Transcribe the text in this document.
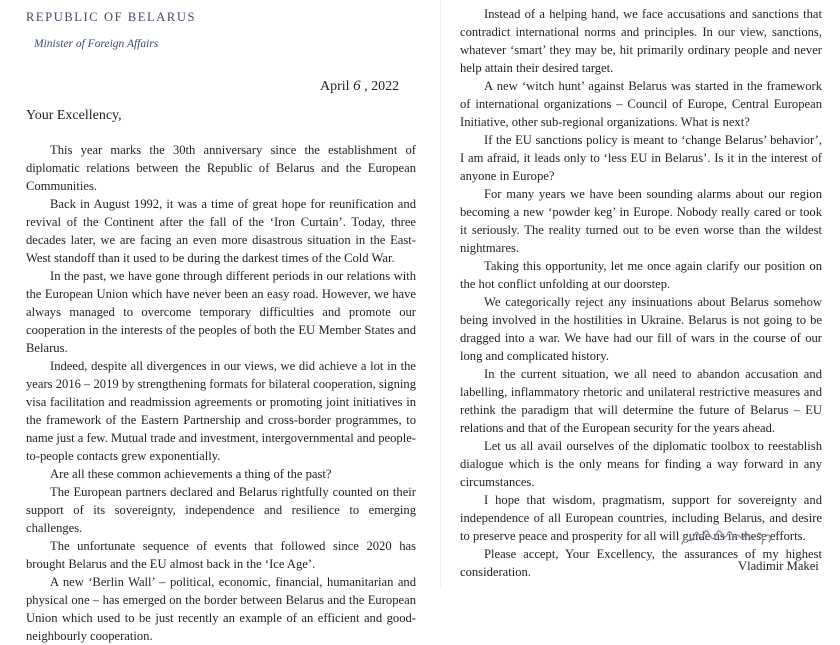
REPUBLIC OF BELARUS
Minister of Foreign Affairs
April 6 , 2022
Your Excellency,

This year marks the 30th anniversary since the establishment of diplomatic relations between the Republic of Belarus and the European Communities.

Back in August 1992, it was a time of great hope for reunification and revival of the Continent after the fall of the ‘Iron Curtain’. Today, three decades later, we are facing an even more disastrous situation in the East-West standoff than it used to be during the darkest times of the Cold War.

In the past, we have gone through different periods in our relations with the European Union which have never been an easy road. However, we have always managed to overcome temporary difficulties and promote our cooperation in the interests of the peoples of both the EU Member States and Belarus.

Indeed, despite all divergences in our views, we did achieve a lot in the years 2016 – 2019 by strengthening formats for bilateral cooperation, signing visa facilitation and readmission agreements or promoting joint initiatives in the framework of the Eastern Partnership and cross-border programmes, to name just a few. Mutual trade and investment, intergovernmental and people-to-people contacts grew exponentially.

Are all these common achievements a thing of the past?

The European partners declared and Belarus rightfully counted on their support of its sovereignty, independence and resilience to emerging challenges.

The unfortunate sequence of events that followed since 2020 has brought Belarus and the EU almost back in the ‘Ice Age’.

A new ‘Berlin Wall’ – political, economic, financial, humanitarian and physical one – has emerged on the border between Belarus and the European Union which used to be just recently an example of an efficient and good-neighbourly cooperation.

Instead of a helping hand, we face accusations and sanctions that contradict international norms and principles. In our view, sanctions, whatever ‘smart’ they may be, hit primarily ordinary people and never help attain their desired target.

A new ‘witch hunt’ against Belarus was started in the framework of international organizations – Council of Europe, Central European Initiative, other sub-regional organizations. What is next?

If the EU sanctions policy is meant to ‘change Belarus’ behavior’, I am afraid, it leads only to ‘less EU in Belarus’. Is it in the interest of anyone in Europe?

For many years we have been sounding alarms about our region becoming a new ‘powder keg’ in Europe. Nobody really cared or took it seriously. The reality turned out to be even worse than the wildest nightmares.

Taking this opportunity, let me once again clarify our position on the hot conflict unfolding at our doorstep.

We categorically reject any insinuations about Belarus somehow being involved in the hostilities in Ukraine. Belarus is not going to be dragged into a war. We have had our fill of wars in the course of our long and complicated history.

In the current situation, we all need to abandon accusation and labelling, inflammatory rhetoric and unilateral restrictive measures and rethink the paradigm that will determine the future of Belarus – EU relations and that of the European security for the years ahead.

Let us all avail ourselves of the diplomatic toolbox to reestablish dialogue which is the only means for finding a way forward in any circumstances.

I hope that wisdom, pragmatism, support for sovereignty and independence of all European countries, including Belarus, and desire to preserve peace and prosperity for all will guide us in these efforts.

Please accept, Your Excellency, the assurances of my highest consideration.	Vladimir Makei
